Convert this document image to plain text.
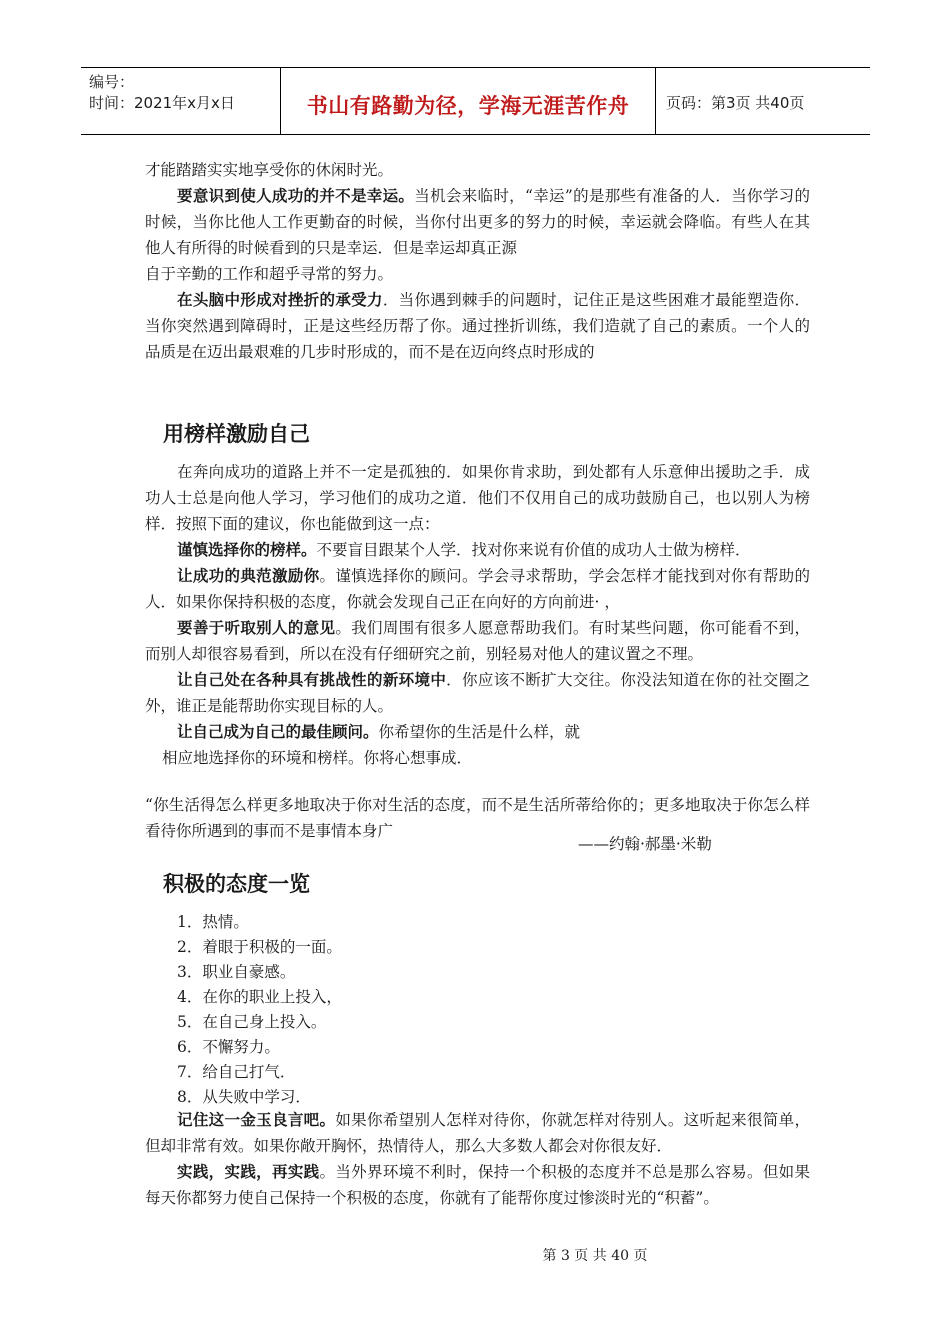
编号：
时间：2021年x月x日	书山有路勤为径，学海无涯苦作舟	页码：第3页 共40页
才能踏踏实实地享受你的休闲时光。
要意识到使人成功的并不是幸运。当机会来临时，“幸运”的是那些有准备的人．当你学习的时候，当你比他人工作更勤奋的时候，当你付出更多的努力的时候，幸运就会降临。有些人在其他人有所得的时候看到的只是幸运．但是幸运却真正源
自于辛勤的工作和超乎寻常的努力。
在头脑中形成对挫折的承受力．当你遇到棘手的问题时，记住正是这些困难才最能塑造你．当你突然遇到障碍时，正是这些经历帮了你。通过挫折训练，我们造就了自己的素质。一个人的品质是在迈出最艰难的几步时形成的，而不是在迈向终点时形成的
用榜样激励自己
在奔向成功的道路上并不一定是孤独的．如果你肯求助，到处都有人乐意伸出援助之手．成功人士总是向他人学习，学习他们的成功之道．他们不仅用自己的成功鼓励自己，也以别人为榜样．按照下面的建议，你也能做到这一点：
谨慎选择你的榜样。不要盲目跟某个人学．找对你来说有价值的成功人士做为榜样．
让成功的典范激励你。谨慎选择你的顾问。学会寻求帮助，学会怎样才能找到对你有帮助的人．如果你保持积极的态度，你就会发现自己正在向好的方向前进· ，
要善于听取别人的意见。我们周围有很多人愿意帮助我们。有时某些问题，你可能看不到，而别人却很容易看到，所以在没有仔细研究之前，别轻易对他人的建议置之不理。
让自己处在各种具有挑战性的新环境中．你应该不断扩大交往。你没法知道在你的社交圈之外，谁正是能帮助你实现目标的人。
让自己成为自己的最佳顾问。你希望你的生活是什么样，就
相应地选择你的环境和榜样。你将心想事成．
“你生活得怎么样更多地取决于你对生活的态度，而不是生活所蒂给你的；更多地取决于你怎么样看待你所遇到的事而不是事情本身广
——约翰·郝墨·米勒
积极的态度一览
1．热情。
2．着眼于积极的一面。
3．职业自豪感。
4．在你的职业上投入，
5．在自己身上投入。
6．不懈努力。
7．给自己打气．
8．从失败中学习．
记住这一金玉良言吧。如果你希望别人怎样对待你，你就怎样对待别人。这听起来很简单，但却非常有效。如果你敞开胸怀，热情待人，那么大多数人都会对你很友好．
实践，实践，再实践。当外界环境不利时，保持一个积极的态度并不总是那么容易。但如果每天你都努力使自己保持一个积极的态度，你就有了能帮你度过惨淡时光的“积蓄”。
第 3 页 共 40 页
